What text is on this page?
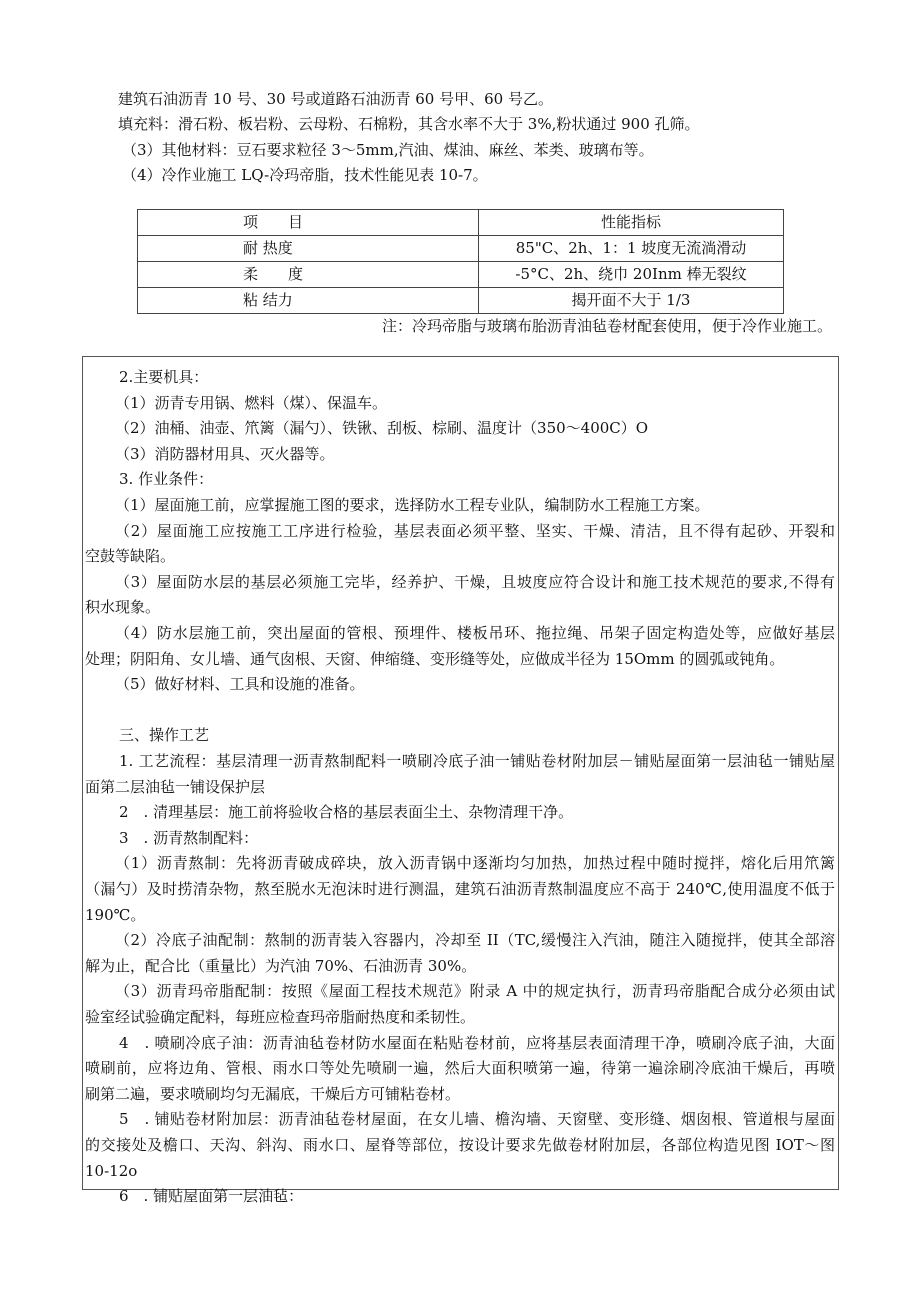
建筑石油沥青 10 号、30 号或道路石油沥青 60 号甲、60 号乙。
填充料：滑石粉、板岩粉、云母粉、石棉粉，其含水率不大于 3%,粉状通过 900 孔筛。
（3）其他材料：豆石要求粒径 3～5mm,汽油、煤油、麻丝、苯类、玻璃布等。
（4）冷作业施工 LQ-冷玛帝脂，技术性能见表 10-7。
项　　目	性能指标
耐 热度	85"C、2h、1：1 坡度无流淌滑动
柔　　度	-5°C、2h、绕巾 20Inm 棒无裂纹
粘 结力	揭开面不大于 1/3
注：冷玛帝脂与玻璃布胎沥青油毡卷材配套使用，便于冷作业施工。
2.主要机具：
（1）沥青专用锅、燃料（煤）、保温车。
（2）油桶、油壶、笊篱（漏勺）、铁锹、刮板、棕刷、温度计（350～400C）O
（3）消防器材用具、灭火器等。
3. 作业条件：
（1）屋面施工前，应掌握施工图的要求，选择防水工程专业队，编制防水工程施工方案。
（2）屋面施工应按施工工序进行检验，基层表面必须平整、坚实、干燥、清洁，且不得有起砂、开裂和
空鼓等缺陷。
（3）屋面防水层的基层必须施工完毕，经养护、干燥，且坡度应符合设计和施工技术规范的要求,不得有
积水现象。
（4）防水层施工前，突出屋面的管根、预埋件、楼板吊环、拖拉绳、吊架子固定构造处等，应做好基层
处理；阴阳角、女儿墙、通气囱根、天窗、伸缩缝、变形缝等处，应做成半径为 15Omm 的圆弧或钝角。
（5）做好材料、工具和设施的准备。
三、操作工艺
1. 工艺流程：基层清理一沥青熬制配料一喷刷冷底子油一铺贴卷材附加层－铺贴屋面第一层油毡一铺贴屋
面第二层油毡一铺设保护层
2　. 清理基层：施工前将验收合格的基层表面尘土、杂物清理干净。
3　. 沥青熬制配料：
（1）沥青熬制：先将沥青破成碎块，放入沥青锅中逐渐均匀加热，加热过程中随时搅拌，熔化后用笊篱
（漏勺）及时捞清杂物，熬至脱水无泡沫时进行测温，建筑石油沥青熬制温度应不高于 240℃,使用温度不低于
190℃。
（2）冷底子油配制：熬制的沥青装入容器内，冷却至 II（TC,缓慢注入汽油，随注入随搅拌，使其全部溶
解为止，配合比（重量比）为汽油 70%、石油沥青 30%。
（3）沥青玛帝脂配制：按照《屋面工程技术规范》附录 A 中的规定执行，沥青玛帝脂配合成分必须由试
验室经试验确定配料，每班应检查玛帝脂耐热度和柔韧性。
4　. 喷刷冷底子油：沥青油毡卷材防水屋面在粘贴卷材前，应将基层表面清理干净，喷刷冷底子油，大面
喷刷前，应将边角、管根、雨水口等处先喷刷一遍，然后大面积喷第一遍，待第一遍涂刷冷底油干燥后，再喷
刷第二遍，要求喷刷均匀无漏底，干燥后方可铺粘卷材。
5　. 铺贴卷材附加层：沥青油毡卷材屋面，在女儿墙、檐沟墙、天窗壁、变形缝、烟囱根、管道根与屋面
的交接处及檐口、天沟、斜沟、雨水口、屋脊等部位，按设计要求先做卷材附加层，各部位构造见图 IOT～图
10-12o
6　. 铺贴屋面第一层油毡：
